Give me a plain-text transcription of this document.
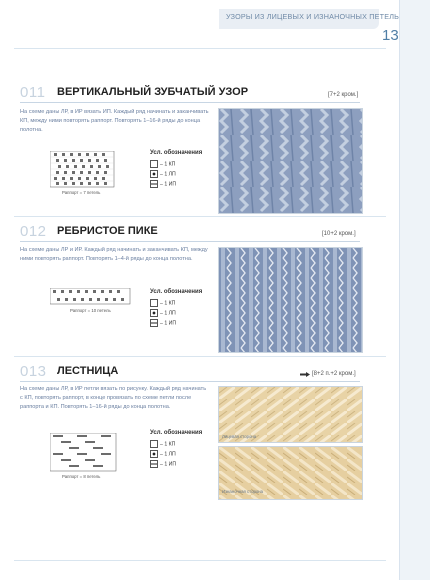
УЗОРЫ ИЗ ЛИЦЕВЫХ И ИЗНАНОЧНЫХ ПЕТЕЛЬ
13
011 ВЕРТИКАЛЬНЫЙ ЗУБЧАТЫЙ УЗОР	[7+2 кром.]
На схеме даны ЛР, в ИР вязать ИП. Каждый ряд начинать и заканчивать КП, между ними повторять раппорт. Повторять 1–16-й ряды до конца полотна.
Раппорт = 7 петель
Усл. обозначения
– 1 КП
– 1 ЛП
– 1 ИП
012 РЕБРИСТОЕ ПИКЕ	[10+2 кром.]
На схеме даны ЛР и ИР. Каждый ряд начинать и заканчивать КП, между ними повторять раппорт. Повторять 1–4-й ряды до конца полотна.
Раппорт = 10 петель
Усл. обозначения
– 1 КП
– 1 ЛП
– 1 ИП
013 ЛЕСТНИЦА	[8+2 п.+2 кром.]
На схеме даны ЛР, в ИР петли вязать по рисунку. Каждый ряд начинать с КП, повторять раппорт, в конце провязать по схеме петли после раппорта и КП. Повторять 1–16-й ряды до конца полотна.
Раппорт = 8 петель
Усл. обозначения
– 1 КП
– 1 ЛП
– 1 ИП
Лицевая сторона
Изнаночная сторона
